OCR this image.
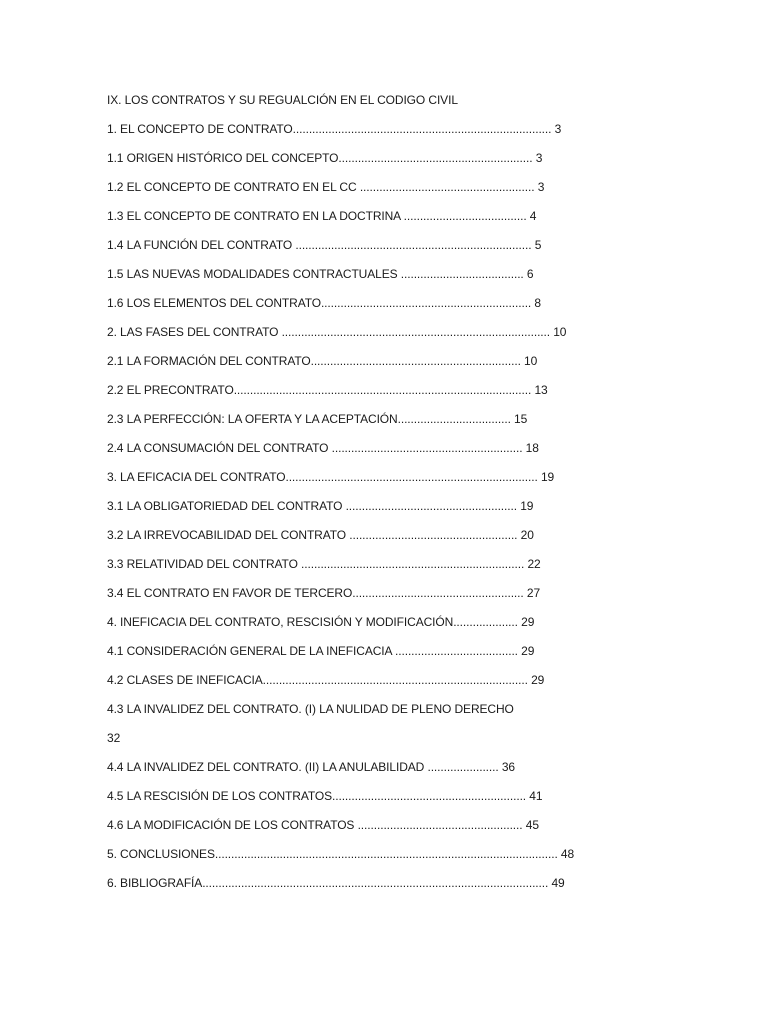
IX. LOS CONTRATOS Y SU REGUALCIÓN EN EL CODIGO CIVIL
1. EL CONCEPTO DE CONTRATO................................................................................ 3
1.1 ORIGEN HISTÓRICO DEL CONCEPTO............................................................ 3
1.2 EL CONCEPTO DE CONTRATO EN EL CC ...................................................... 3
1.3 EL CONCEPTO DE CONTRATO EN LA DOCTRINA ...................................... 4
1.4 LA FUNCIÓN DEL CONTRATO ......................................................................... 5
1.5 LAS NUEVAS MODALIDADES CONTRACTUALES ...................................... 6
1.6 LOS ELEMENTOS DEL CONTRATO................................................................. 8
2. LAS FASES DEL CONTRATO ................................................................................... 10
2.1 LA FORMACIÓN DEL CONTRATO................................................................. 10
2.2 EL PRECONTRATO............................................................................................ 13
2.3 LA PERFECCIÓN: LA OFERTA Y LA ACEPTACIÓN................................... 15
2.4 LA CONSUMACIÓN DEL CONTRATO ........................................................... 18
3. LA EFICACIA DEL CONTRATO.............................................................................. 19
3.1 LA OBLIGATORIEDAD DEL CONTRATO ..................................................... 19
3.2 LA IRREVOCABILIDAD DEL CONTRATO .................................................... 20
3.3 RELATIVIDAD DEL CONTRATO ..................................................................... 22
3.4 EL CONTRATO EN FAVOR DE TERCERO..................................................... 27
4. INEFICACIA DEL CONTRATO, RESCISIÓN Y MODIFICACIÓN.................... 29
4.1 CONSIDERACIÓN GENERAL DE LA INEFICACIA ...................................... 29
4.2 CLASES DE INEFICACIA.................................................................................. 29
4.3 LA INVALIDEZ DEL CONTRATO. (I) LA NULIDAD DE PLENO DERECHO
32
4.4 LA INVALIDEZ DEL CONTRATO. (II) LA ANULABILIDAD ...................... 36
4.5 LA RESCISIÓN DE LOS CONTRATOS............................................................ 41
4.6 LA MODIFICACIÓN DE LOS CONTRATOS ................................................... 45
5. CONCLUSIONES.......................................................................................................... 48
6. BIBLIOGRAFÍA........................................................................................................... 49
